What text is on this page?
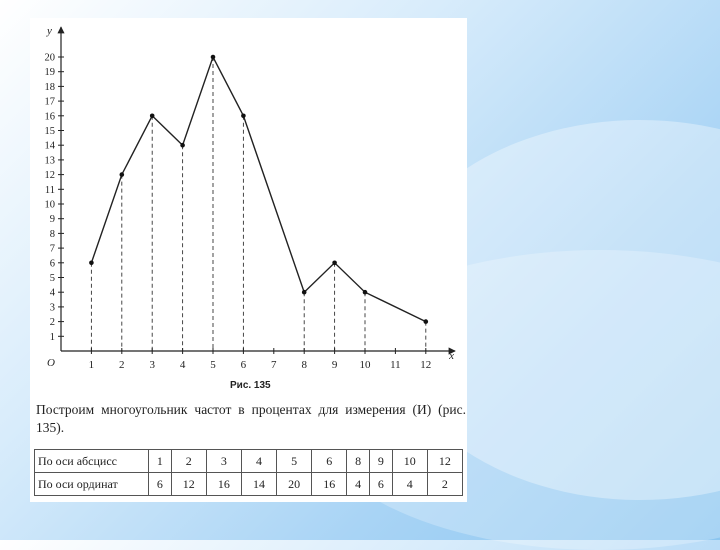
x
y
O	1 2 3 4 5 6 7 8 9 10 11 12
1
2
3
4
5
6
7
8
9
10
11
12
13
14
15
16
17
18
19
20
Рис. 135
Построим многоугольник частот в процентах для измерения (И) (рис. 135).
По оси абсцисс	1	2	3	4	5	6	8	9	10	12
По оси ординат	6	12	16	14	20	16	4	6	4	2
